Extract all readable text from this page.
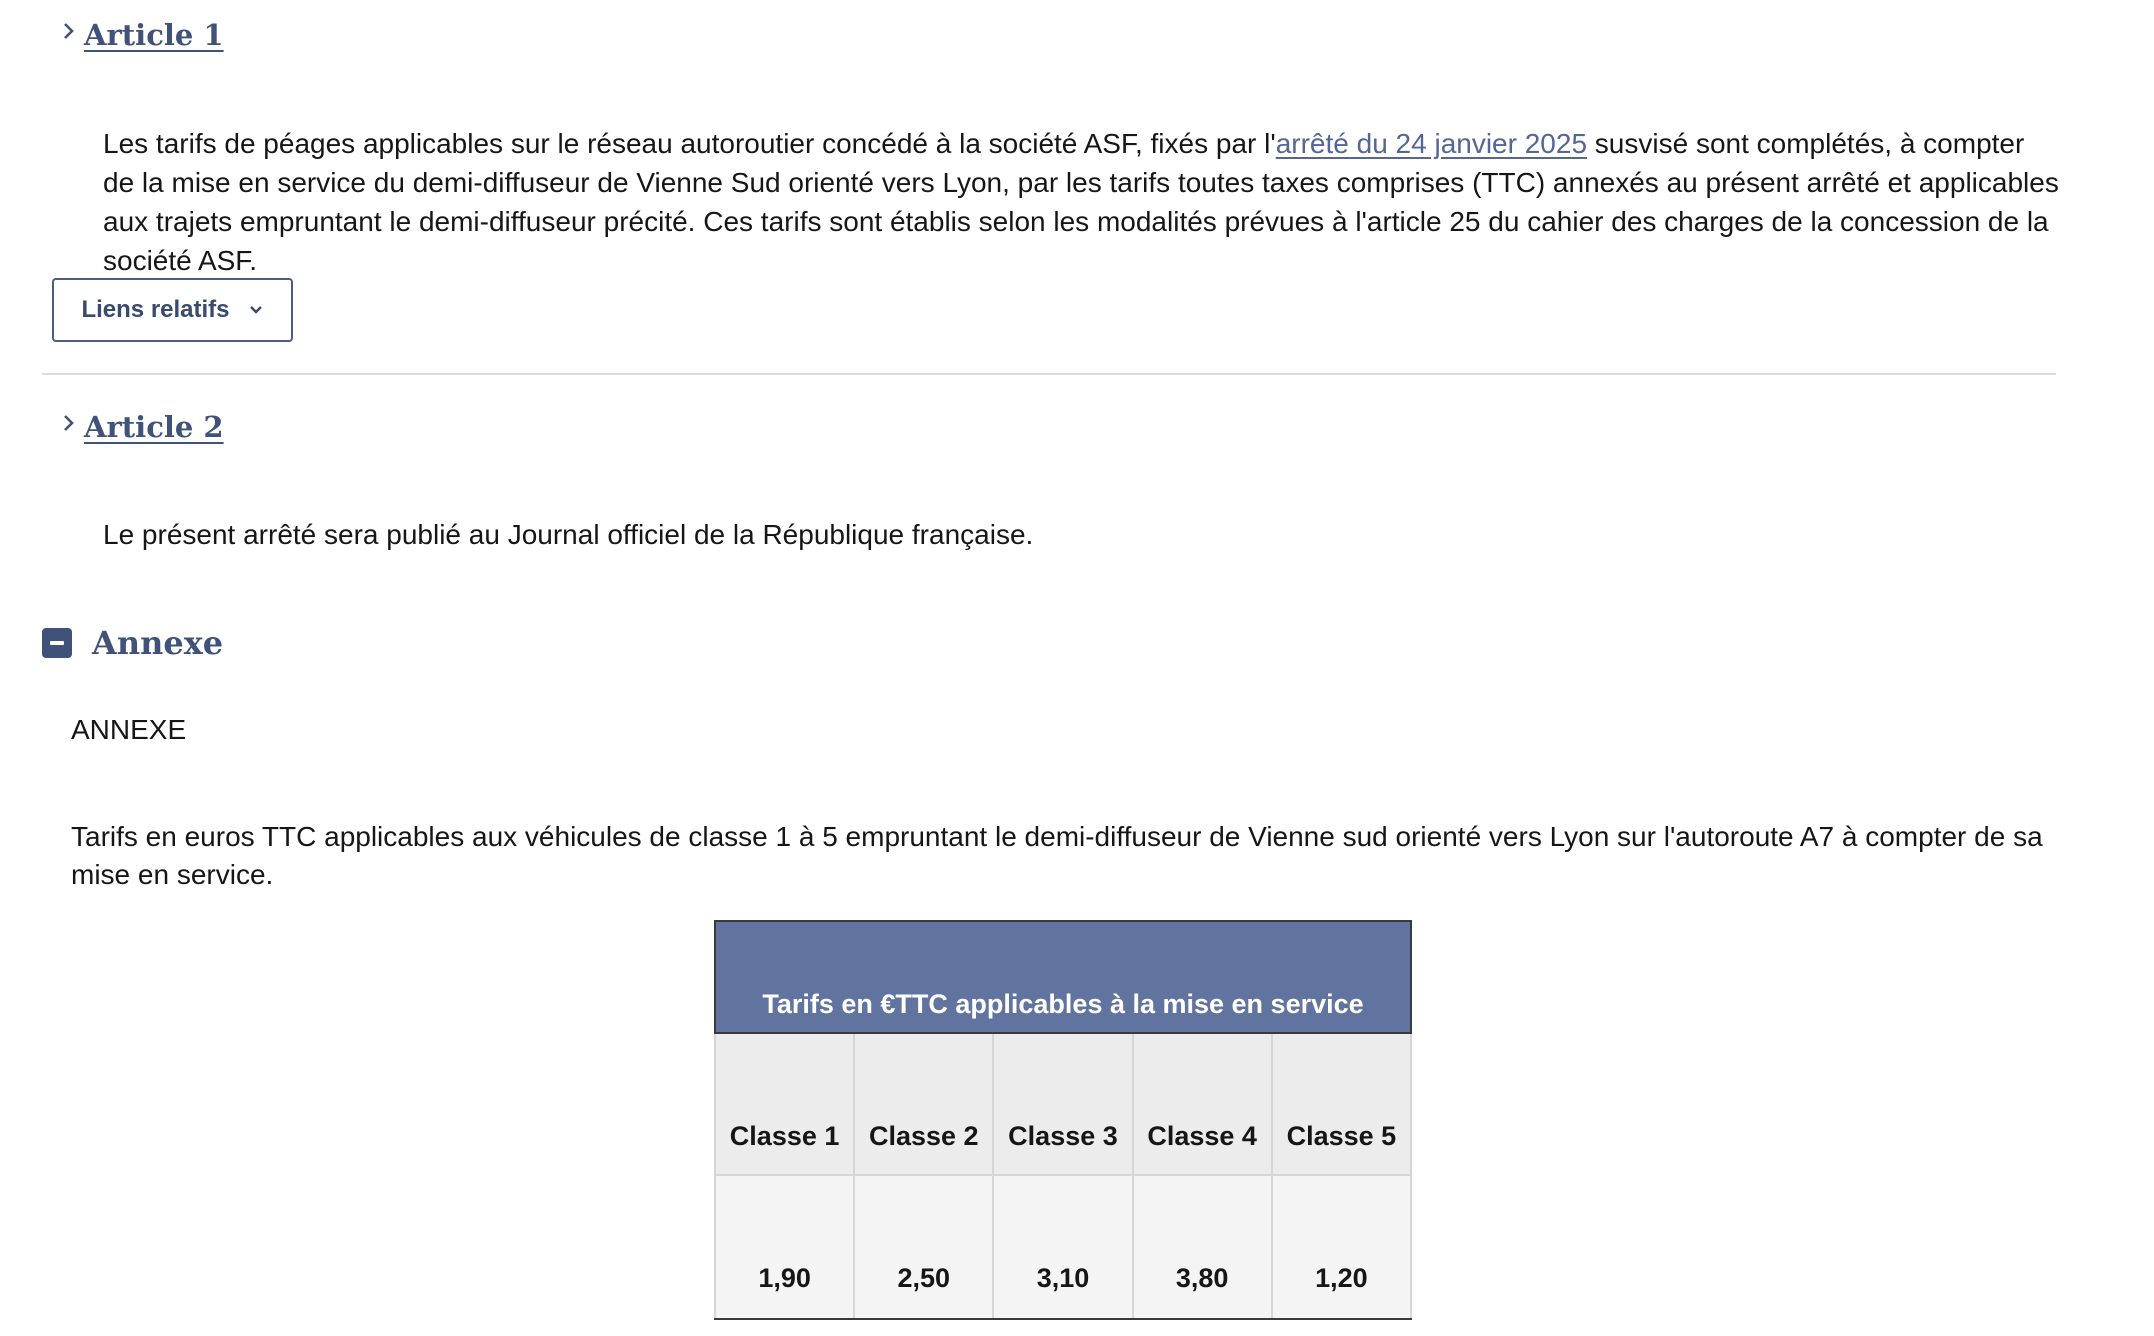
Article 1
Les tarifs de péages applicables sur le réseau autoroutier concédé à la société ASF, fixés par l'arrêté du 24 janvier 2025 susvisé sont complétés, à compter de la mise en service du demi-diffuseur de Vienne Sud orienté vers Lyon, par les tarifs toutes taxes comprises (TTC) annexés au présent arrêté et applicables aux trajets empruntant le demi-diffuseur précité. Ces tarifs sont établis selon les modalités prévues à l'article 25 du cahier des charges de la concession de la société ASF.
Liens relatifs
Article 2
Le présent arrêté sera publié au Journal officiel de la République française.
Annexe
ANNEXE
Tarifs en euros TTC applicables aux véhicules de classe 1 à 5 empruntant le demi-diffuseur de Vienne sud orienté vers Lyon sur l'autoroute A7 à compter de sa mise en service.
Tarifs en €TTC applicables à la mise en service				
Classe 1	Classe 2	Classe 3	Classe 4	Classe 5
1,90	2,50	3,10	3,80	1,20
